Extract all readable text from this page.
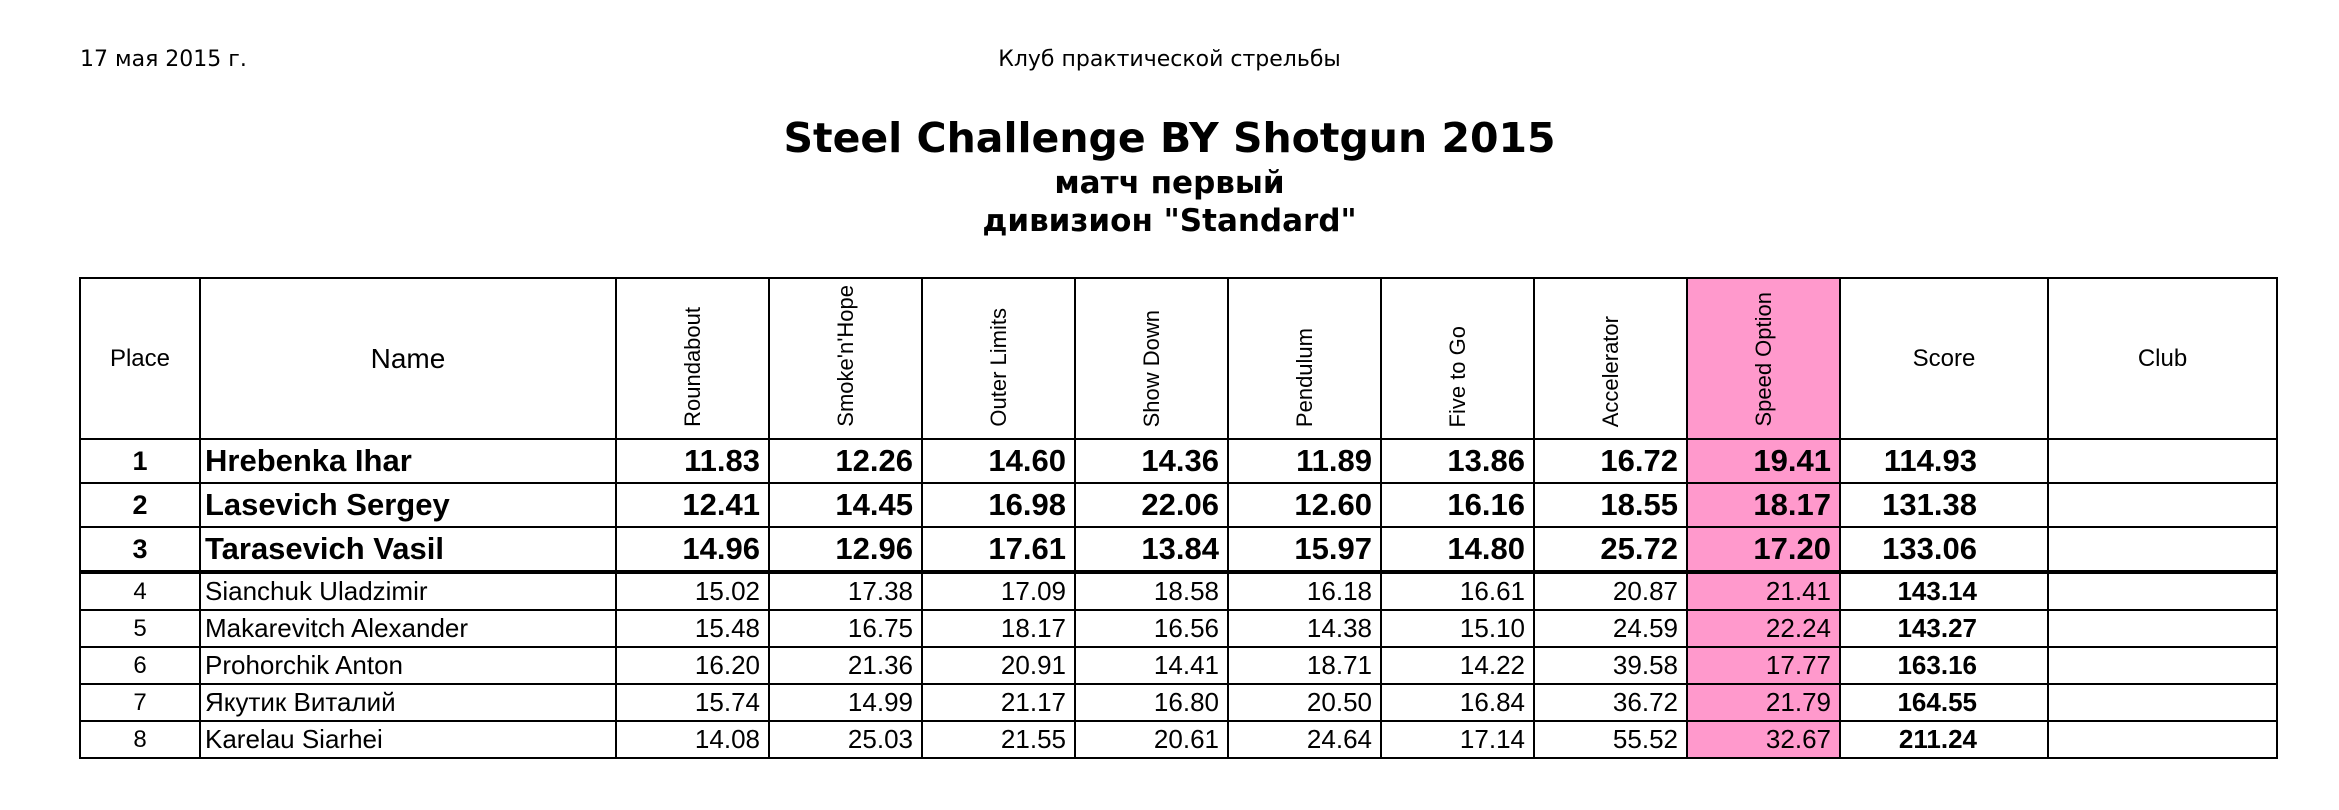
17 мая 2015 г.	Клуб практической стрельбы
Steel Challenge BY Shotgun 2015
матч первый
дивизион "Standard"
Place	Name	Roundabout	Smoke'n'Hope	Outer Limits	Show Down	Pendulum	Five to Go	Accelerator	Speed Option	Score	Club
1	Hrebenka Ihar	11.83	12.26	14.60	14.36	11.89	13.86	16.72	19.41	114.93	
2	Lasevich Sergey	12.41	14.45	16.98	22.06	12.60	16.16	18.55	18.17	131.38	
3	Tarasevich Vasil	14.96	12.96	17.61	13.84	15.97	14.80	25.72	17.20	133.06	
4	Sianchuk Uladzimir	15.02	17.38	17.09	18.58	16.18	16.61	20.87	21.41	143.14	
5	Makarevitch Alexander	15.48	16.75	18.17	16.56	14.38	15.10	24.59	22.24	143.27	
6	Prohorchik Anton	16.20	21.36	20.91	14.41	18.71	14.22	39.58	17.77	163.16	
7	Якутик Виталий	15.74	14.99	21.17	16.80	20.50	16.84	36.72	21.79	164.55	
8	Karelau Siarhei	14.08	25.03	21.55	20.61	24.64	17.14	55.52	32.67	211.24	
